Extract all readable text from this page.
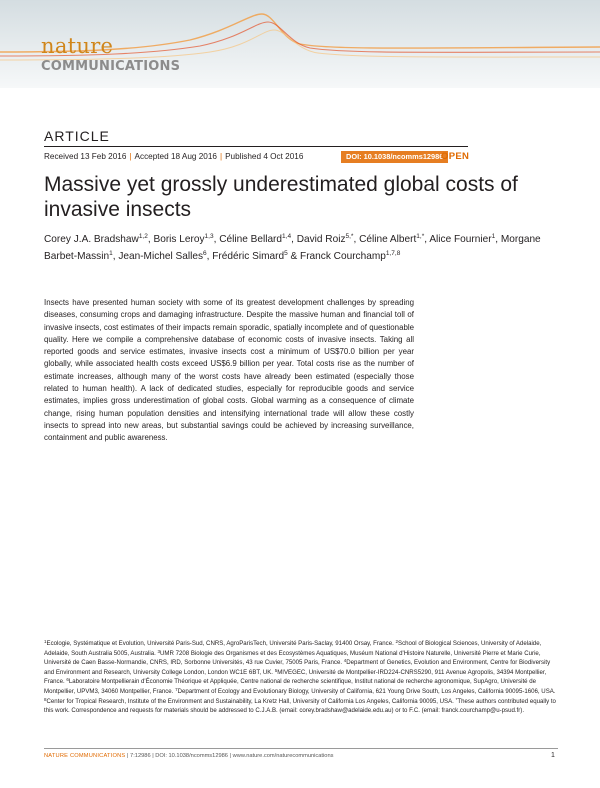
nature
COMMUNICATIONS
ARTICLE
Received 13 Feb 2016 | Accepted 18 Aug 2016 | Published 4 Oct 2016	DOI: 10.1038/ncomms12986
OPEN
Massive yet grossly underestimated global costs of invasive insects

Corey J.A. Bradshaw$^{1,2}$, Boris Leroy$^{1,3}$, Céline Bellard$^{1,4}$, David Roiz$^{5,*}$, Céline Albert$^{1,*}$, Alice Fournier$^1$, Morgane Barbet-Massin$^1$, Jean-Michel Salles$^6$, Frédéric Simard$^5$ & Franck Courchamp$^{1,7,8}$

Insects have presented human society with some of its greatest development challenges by spreading diseases, consuming crops and damaging infrastructure. Despite the massive human and financial toll of invasive insects, cost estimates of their impacts remain sporadic, spatially incomplete and of questionable quality. Here we compile a comprehensive database of economic costs of invasive insects. Taking all reported goods and service estimates, invasive insects cost a minimum of US$70.0 billion per year globally, while associated health costs exceed US$6.9 billion per year. Total costs rise as the number of estimate increases, although many of the worst costs have already been estimated (especially those related to human health). A lack of dedicated studies, especially for reproducible goods and service estimates, implies gross underestimation of global costs. Global warming as a consequence of climate change, rising human population densities and intensifying international trade will allow these costly insects to spread into new areas, but substantial savings could be achieved by increasing surveillance, containment and public awareness.

$^1$Ecologie, Systématique et Evolution, Université Paris-Sud, CNRS, AgroParisTech, Université Paris-Saclay, 91400 Orsay, France. $^2$School of Biological Sciences, University of Adelaide, Adelaide, South Australia 5005, Australia. $^3$UMR 7208 Biologie des Organismes et des Ecosystèmes Aquatiques, Muséum National d'Histoire Naturelle, Université Pierre et Marie Curie, Université de Caen Basse-Normandie, CNRS, IRD, Sorbonne Universités, 43 rue Cuvier, 75005 Paris, France. $^4$Department of Genetics, Evolution and Environment, Centre for Biodiversity and Environment and Research, University College London, London WC1E 6BT, UK. $^5$MIVEGEC, Université de Montpellier-IRD224-CNRS5290, 911 Avenue Agropolis, 34394 Montpellier, France. $^6$Laboratoire Montpellierain d'Économie Théorique et Appliquée, Centre national de recherche scientifique, Institut national de recherche agronomique, SupAgro, Université de Montpellier, UPVM3, 34060 Montpellier, France. $^7$Department of Ecology and Evolutionary Biology, University of California, 621 Young Drive South, Los Angeles, California 90095-1606, USA. $^8$Center for Tropical Research, Institute of the Environment and Sustainability, La Kretz Hall, University of California Los Angeles, California 90095, USA. *These authors contributed equally to this work. Correspondence and requests for materials should be addressed to C.J.A.B. (email: corey.bradshaw@adelaide.edu.au) or to F.C. (email: franck.courchamp@u-psud.fr).

NATURE COMMUNICATIONS | 7:12986 | DOI: 10.1038/ncomms12986 | www.nature.com/naturecommunications	1
